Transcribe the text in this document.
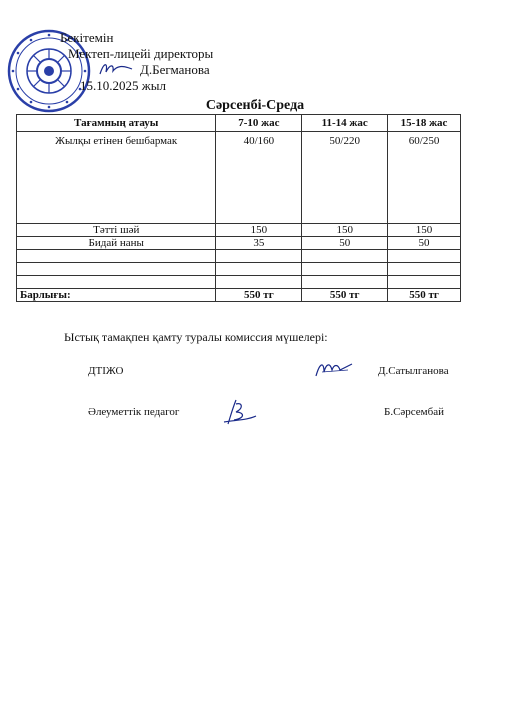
Бекітемін
Мектеп-лицейі директоры
Д.Бегманова
15.10.2025 жыл
Сәрсенбі-Среда
Тағамның атауы	7-10 жас	11-14 жас	15-18 жас
Жылқы етінен бешбармак	40/160	50/220	60/250
Тәтті шәй	150	150	150
Бидай наны	35	50	50

Барлығы:	550 тг	550 тг	550 тг
Ыстық тамақпен қамту туралы комиссия мүшелері:
ДТІЖО	Д.Сатылганова
Әлеуметтік педагог	Б.Сәрсембай
